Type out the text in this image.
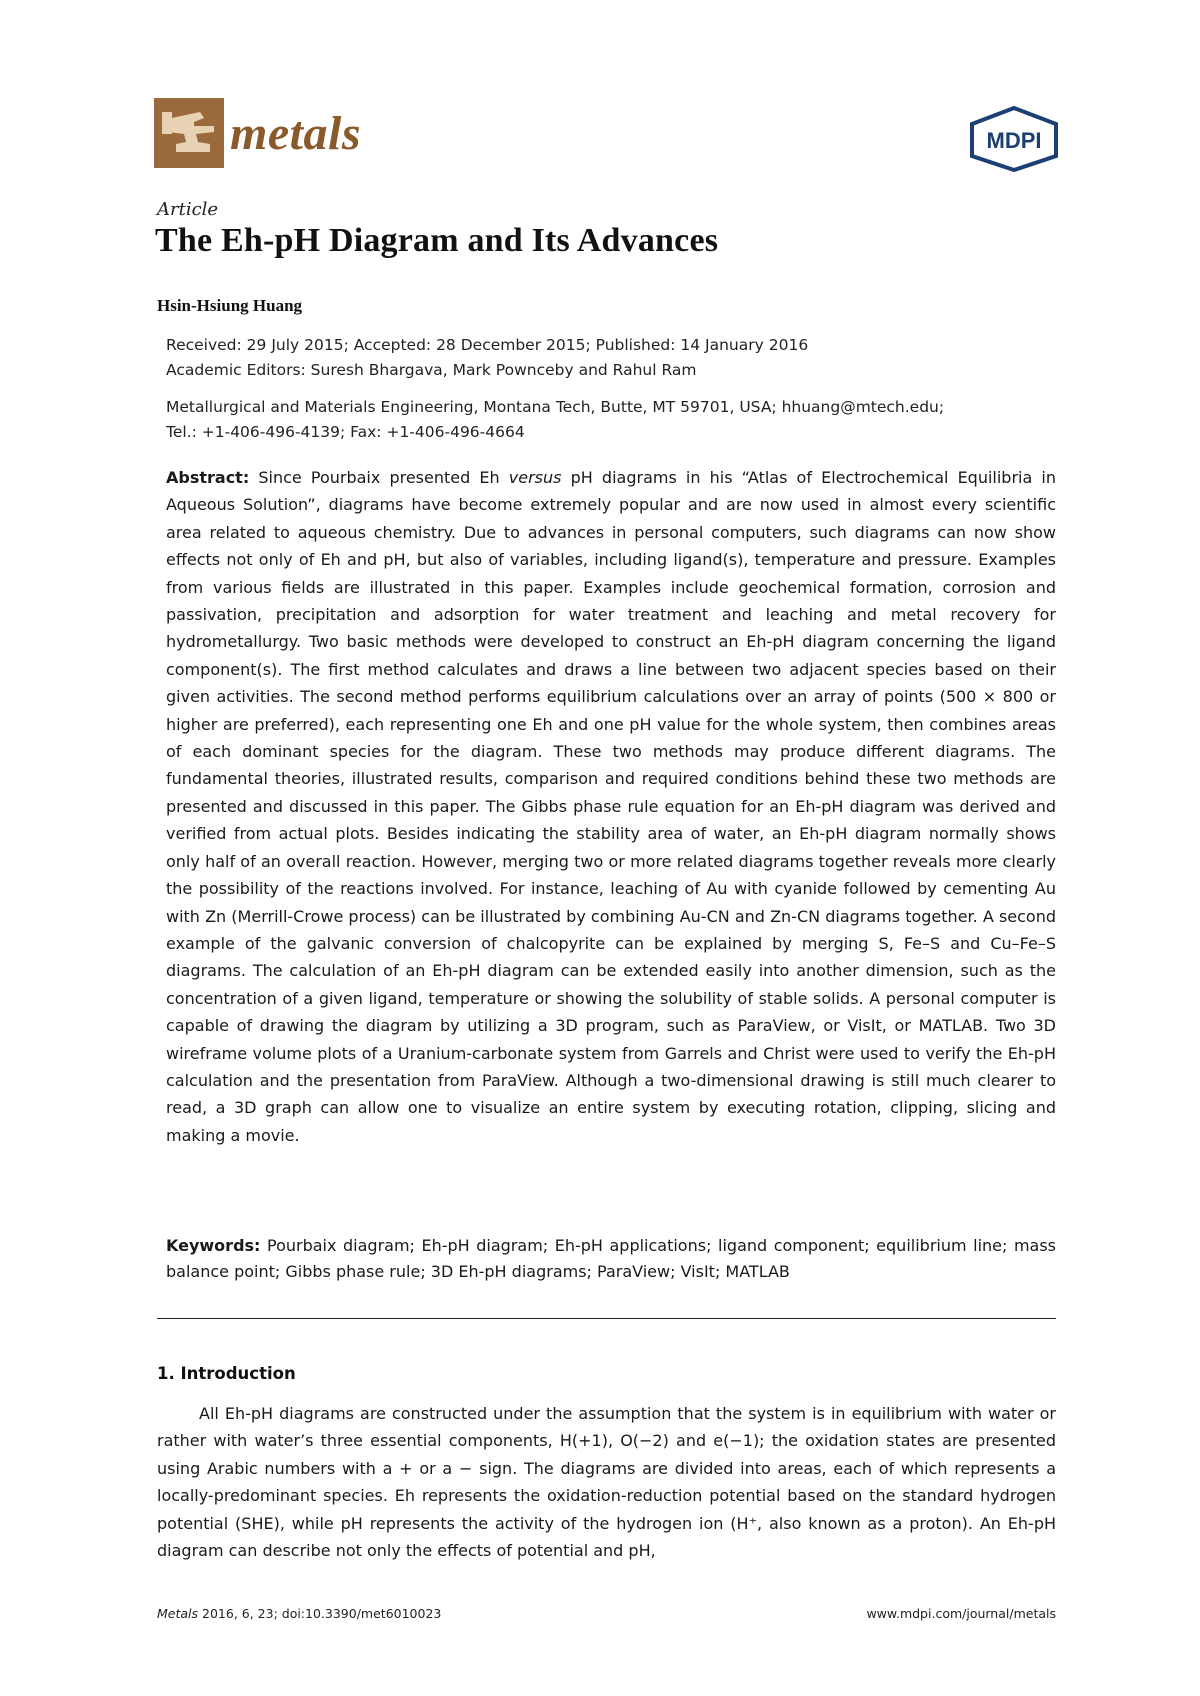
metals	MDPI
Article
The Eh-pH Diagram and Its Advances
Hsin-Hsiung Huang
Received: 29 July 2015; Accepted: 28 December 2015; Published: 14 January 2016
Academic Editors: Suresh Bhargava, Mark Pownceby and Rahul Ram
Metallurgical and Materials Engineering, Montana Tech, Butte, MT 59701, USA; hhuang@mtech.edu;
Tel.: +1-406-496-4139; Fax: +1-406-496-4664
Abstract: Since Pourbaix presented Eh versus pH diagrams in his “Atlas of Electrochemical Equilibria in Aqueous Solution”, diagrams have become extremely popular and are now used in almost every scientific area related to aqueous chemistry. Due to advances in personal computers, such diagrams can now show effects not only of Eh and pH, but also of variables, including ligand(s), temperature and pressure. Examples from various fields are illustrated in this paper. Examples include geochemical formation, corrosion and passivation, precipitation and adsorption for water treatment and leaching and metal recovery for hydrometallurgy. Two basic methods were developed to construct an Eh-pH diagram concerning the ligand component(s). The first method calculates and draws a line between two adjacent species based on their given activities. The second method performs equilibrium calculations over an array of points (500 × 800 or higher are preferred), each representing one Eh and one pH value for the whole system, then combines areas of each dominant species for the diagram. These two methods may produce different diagrams. The fundamental theories, illustrated results, comparison and required conditions behind these two methods are presented and discussed in this paper. The Gibbs phase rule equation for an Eh-pH diagram was derived and verified from actual plots. Besides indicating the stability area of water, an Eh-pH diagram normally shows only half of an overall reaction. However, merging two or more related diagrams together reveals more clearly the possibility of the reactions involved. For instance, leaching of Au with cyanide followed by cementing Au with Zn (Merrill-Crowe process) can be illustrated by combining Au-CN and Zn-CN diagrams together. A second example of the galvanic conversion of chalcopyrite can be explained by merging S, Fe–S and Cu–Fe–S diagrams. The calculation of an Eh-pH diagram can be extended easily into another dimension, such as the concentration of a given ligand, temperature or showing the solubility of stable solids. A personal computer is capable of drawing the diagram by utilizing a 3D program, such as ParaView, or VisIt, or MATLAB. Two 3D wireframe volume plots of a Uranium-carbonate system from Garrels and Christ were used to verify the Eh-pH calculation and the presentation from ParaView. Although a two-dimensional drawing is still much clearer to read, a 3D graph can allow one to visualize an entire system by executing rotation, clipping, slicing and making a movie.
Keywords: Pourbaix diagram; Eh-pH diagram; Eh-pH applications; ligand component; equilibrium line; mass balance point; Gibbs phase rule; 3D Eh-pH diagrams; ParaView; VisIt; MATLAB
1. Introduction
All Eh-pH diagrams are constructed under the assumption that the system is in equilibrium with water or rather with water’s three essential components, H(+1), O(−2) and e(−1); the oxidation states are presented using Arabic numbers with a + or a − sign. The diagrams are divided into areas, each of which represents a locally-predominant species. Eh represents the oxidation-reduction potential based on the standard hydrogen potential (SHE), while pH represents the activity of the hydrogen ion (H⁺, also known as a proton). An Eh-pH diagram can describe not only the effects of potential and pH,
Metals 2016, 6, 23; doi:10.3390/met6010023	www.mdpi.com/journal/metals
